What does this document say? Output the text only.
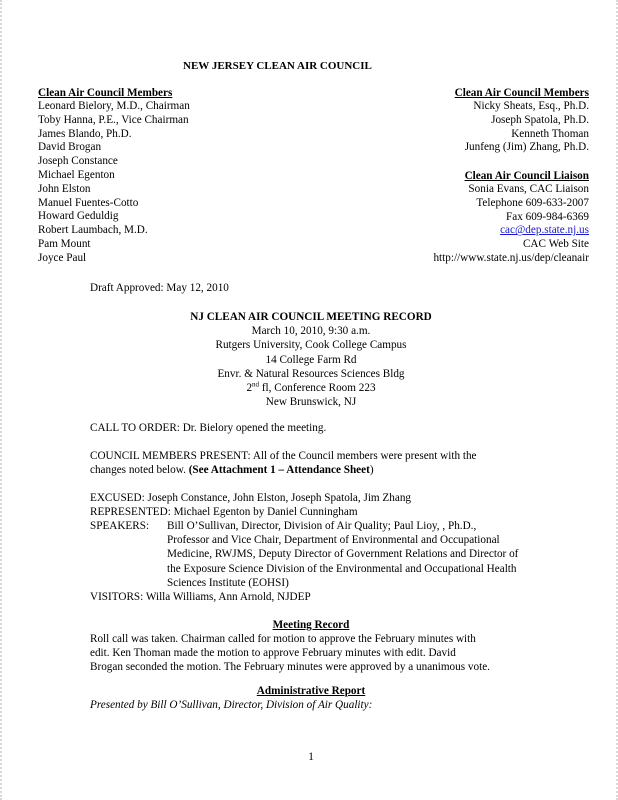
NEW JERSEY CLEAN AIR COUNCIL
Clean Air Council Members
Leonard Bielory, M.D., Chairman
Toby Hanna, P.E., Vice Chairman
James Blando, Ph.D.
David Brogan
Joseph Constance
Michael Egenton
John Elston
Manuel Fuentes-Cotto
Howard Geduldig
Robert Laumbach, M.D.
Pam Mount
Joyce Paul
Clean Air Council Members
Nicky Sheats, Esq., Ph.D.
Joseph Spatola, Ph.D.
Kenneth Thoman
Junfeng (Jim) Zhang, Ph.D.
Clean Air Council Liaison
Sonia Evans, CAC Liaison
Telephone 609-633-2007
Fax 609-984-6369
cac@dep.state.nj.us
CAC Web Site
http://www.state.nj.us/dep/cleanair
Draft Approved: May 12, 2010
NJ CLEAN AIR COUNCIL MEETING RECORD
March 10, 2010, 9:30 a.m.
Rutgers University, Cook College Campus
14 College Farm Rd
Envr. & Natural Resources Sciences Bldg
2nd fl, Conference Room 223
New Brunswick, NJ
CALL TO ORDER: Dr. Bielory opened the meeting.
COUNCIL MEMBERS PRESENT: All of the Council members were present with the
changes noted below. (See Attachment 1 – Attendance Sheet)
EXCUSED: Joseph Constance, John Elston, Joseph Spatola, Jim Zhang
REPRESENTED: Michael Egenton by Daniel Cunningham
SPEAKERS: Bill O’Sullivan, Director, Division of Air Quality; Paul Lioy, , Ph.D.,
Professor and Vice Chair, Department of Environmental and Occupational
Medicine, RWJMS, Deputy Director of Government Relations and Director of
the Exposure Science Division of the Environmental and Occupational Health
Sciences Institute (EOHSI)
VISITORS: Willa Williams, Ann Arnold, NJDEP
Meeting Record
Roll call was taken. Chairman called for motion to approve the February minutes with
edit. Ken Thoman made the motion to approve February minutes with edit. David
Brogan seconded the motion. The February minutes were approved by a unanimous vote.
Administrative Report
Presented by Bill O’Sullivan, Director, Division of Air Quality:
1
